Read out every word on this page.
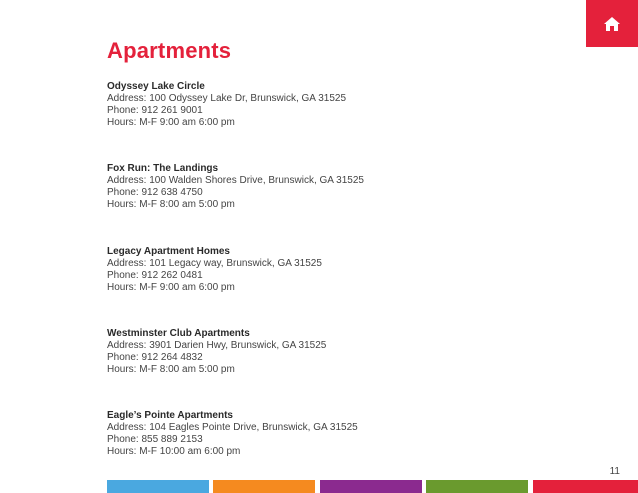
Apartments
Odyssey Lake Circle
Address: 100 Odyssey Lake Dr, Brunswick, GA 31525
Phone: 912 261 9001
Hours: M-F 9:00 am 6:00 pm
Fox Run: The Landings
Address: 100 Walden Shores Drive, Brunswick, GA 31525
Phone: 912 638 4750
Hours: M-F 8:00 am 5:00 pm
Legacy Apartment Homes
Address: 101 Legacy way, Brunswick, GA 31525
Phone: 912 262 0481
Hours: M-F 9:00 am 6:00 pm
Westminster Club Apartments
Address: 3901 Darien Hwy, Brunswick, GA 31525
Phone: 912 264 4832
Hours: M-F 8:00 am 5:00 pm
Eagle’s Pointe Apartments
Address: 104 Eagles Pointe Drive, Brunswick, GA 31525
Phone: 855 889 2153
Hours: M-F 10:00 am 6:00 pm
11
